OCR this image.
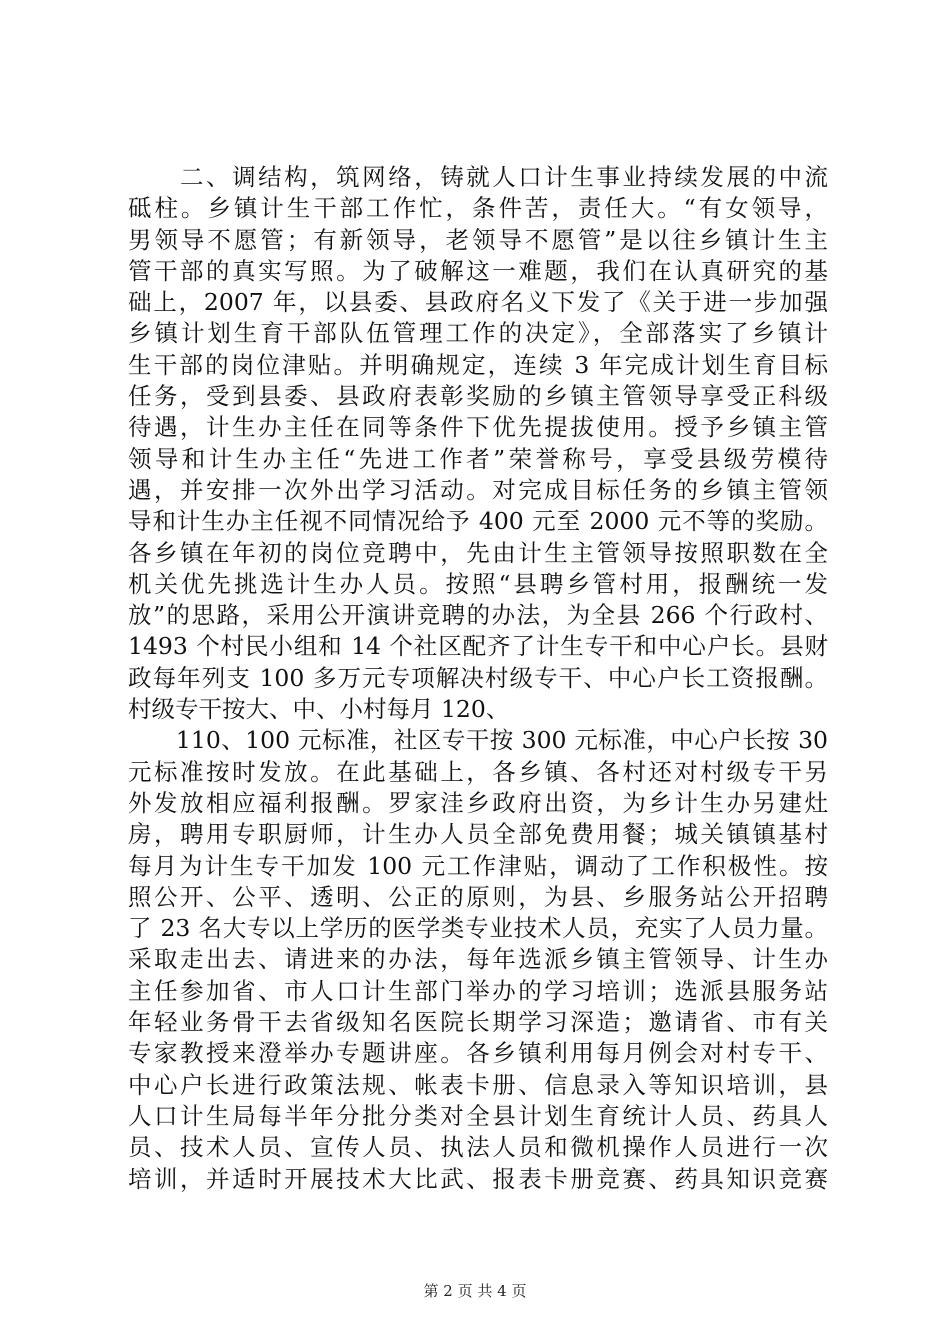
　　二、调结构，筑网络，铸就人口计生事业持续发展的中流
砥柱。乡镇计生干部工作忙，条件苦，责任大。“有女领导，
男领导不愿管；有新领导，老领导不愿管”是以往乡镇计生主
管干部的真实写照。为了破解这一难题，我们在认真研究的基
础上，2007 年，以县委、县政府名义下发了《关于进一步加强
乡镇计划生育干部队伍管理工作的决定》，全部落实了乡镇计
生干部的岗位津贴。并明确规定，连续 3 年完成计划生育目标
任务，受到县委、县政府表彰奖励的乡镇主管领导享受正科级
待遇，计生办主任在同等条件下优先提拔使用。授予乡镇主管
领导和计生办主任“先进工作者”荣誉称号，享受县级劳模待
遇，并安排一次外出学习活动。对完成目标任务的乡镇主管领
导和计生办主任视不同情况给予 400 元至 2000 元不等的奖励。
各乡镇在年初的岗位竞聘中，先由计生主管领导按照职数在全
机关优先挑选计生办人员。按照“县聘乡管村用，报酬统一发
放”的思路，采用公开演讲竞聘的办法，为全县 266 个行政村、
1493 个村民小组和 14 个社区配齐了计生专干和中心户长。县财
政每年列支 100 多万元专项解决村级专干、中心户长工资报酬。
村级专干按大、中、小村每月 120、
　　110、100 元标准，社区专干按 300 元标准，中心户长按 30
元标准按时发放。在此基础上，各乡镇、各村还对村级专干另
外发放相应福利报酬。罗家洼乡政府出资，为乡计生办另建灶
房，聘用专职厨师，计生办人员全部免费用餐；城关镇镇基村
每月为计生专干加发 100 元工作津贴，调动了工作积极性。按
照公开、公平、透明、公正的原则，为县、乡服务站公开招聘
了 23 名大专以上学历的医学类专业技术人员，充实了人员力量。
采取走出去、请进来的办法，每年选派乡镇主管领导、计生办
主任参加省、市人口计生部门举办的学习培训；选派县服务站
年轻业务骨干去省级知名医院长期学习深造；邀请省、市有关
专家教授来澄举办专题讲座。各乡镇利用每月例会对村专干、
中心户长进行政策法规、帐表卡册、信息录入等知识培训，县
人口计生局每半年分批分类对全县计划生育统计人员、药具人
员、技术人员、宣传人员、执法人员和微机操作人员进行一次
培训，并适时开展技术大比武、报表卡册竞赛、药具知识竞赛
第 2 页 共 4 页
